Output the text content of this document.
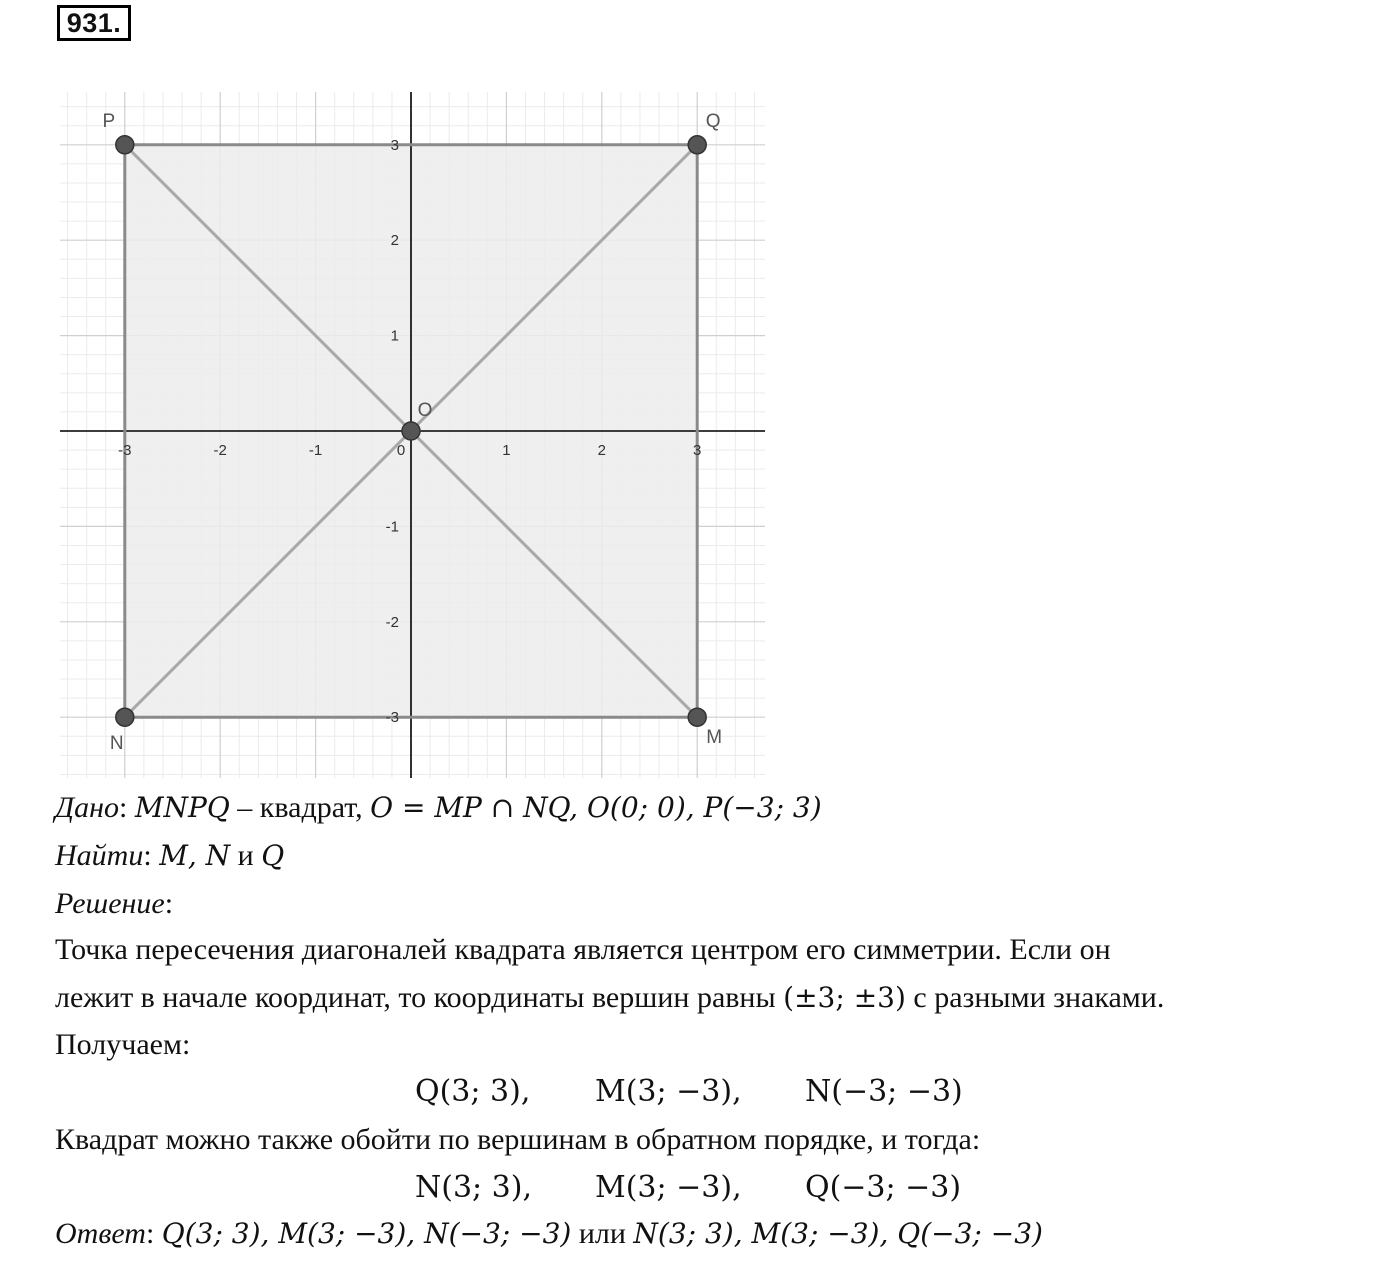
931.
-3	-2	-1	0	1	2	3
3
2
1
-1
-2
-3
P	Q
M
N
O
Дано: MNPQ – квадрат, O = MP ∩ NQ, O(0; 0), P(−3; 3)
Найти: M, N и Q
Решение:
Точка пересечения диагоналей квадрата является центром его симметрии. Если он
лежит в начале координат, то координаты вершин равны (±3; ±3) с разными знаками.
Получаем:
Q(3; 3), M(3; −3), N(−3; −3)
Квадрат можно также обойти по вершинам в обратном порядке, и тогда:
N(3; 3), M(3; −3), Q(−3; −3)
Ответ: Q(3; 3), M(3; −3), N(−3; −3) или N(3; 3), M(3; −3), Q(−3; −3)
